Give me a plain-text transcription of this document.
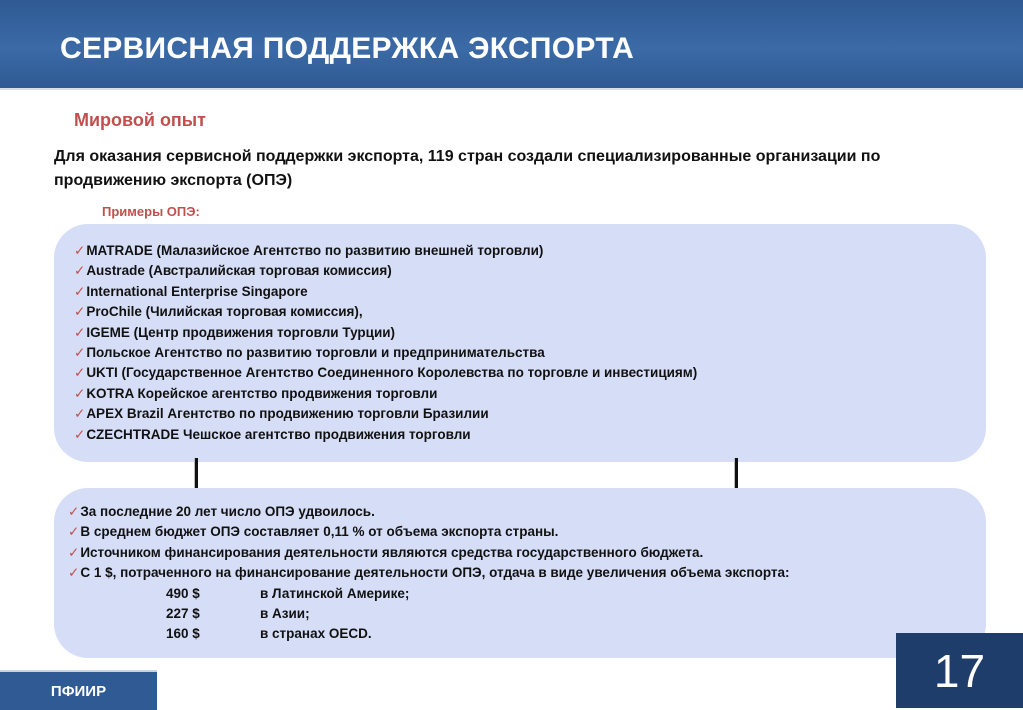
СЕРВИСНАЯ ПОДДЕРЖКА ЭКСПОРТА
Мировой опыт
Для оказания сервисной поддержки экспорта, 119 стран создали специализированные организации по продвижению экспорта (ОПЭ)
Примеры ОПЭ:
✓MATRADE (Малазийское Агентство по развитию внешней торговли)
✓Austrade (Австралийская торговая комиссия)
✓International Enterprise Singapore
✓ProChile (Чилийская торговая комиссия),
✓IGEME (Центр продвижения торговли Турции)
✓Польское Агентство по развитию торговли и предпринимательства
✓UKTI (Государственное Агентство Соединенного Королевства по торговле и инвестициям)
✓KOTRA Корейское агентство продвижения торговли
✓APEX Brazil Агентство по продвижению торговли Бразилии
✓CZECHTRADE Чешское агентство продвижения торговли
✓За последние 20 лет число ОПЭ удвоилось.
✓В среднем бюджет ОПЭ составляет 0,11 % от объема экспорта страны.
✓Источником финансирования деятельности являются средства государственного бюджета.
✓С 1 $, потраченного на финансирование деятельности ОПЭ, отдача в виде увеличения объема экспорта:
490 $	в Латинской Америке;
227 $	в Азии;
160 $	в странах OECD.
ПФИИР	17
